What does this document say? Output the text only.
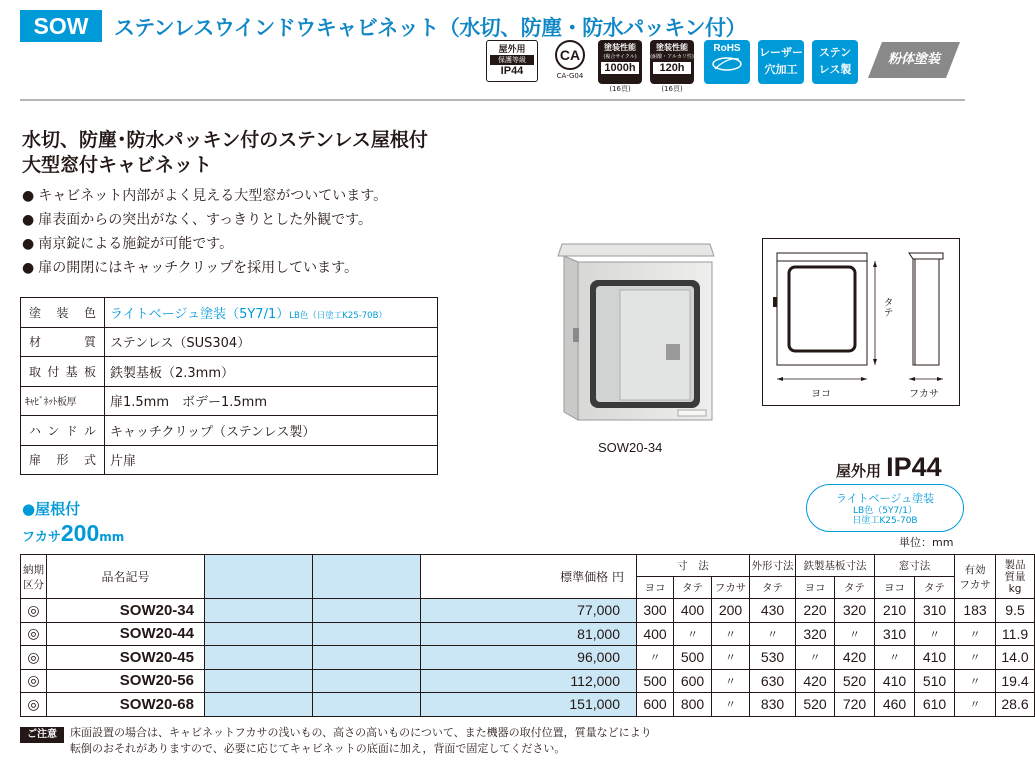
SOW	ステンレスウインドウキャビネット（水切、防塵・防水パッキン付）
屋外用
保護等級
IP44
CA
CA-G04
塗装性能
(複合サイクル)
1000h
(16頁)
塗装性能
(耐酸・アルカリ性)
120h
(16頁)
RoHS	レーザー
穴加工
ステン
レス製
粉体塗装
水切、防塵･防水パッキン付のステンレス屋根付
大型窓付キャビネット
● キャビネット内部がよく見える大型窓がついています。
● 扉表面からの突出がなく、すっきりとした外観です。
● 南京錠による施錠が可能です。
● 扉の開閉にはキャッチクリップを採用しています。
塗装色	ライトベージュ塗装（5Y7/1）LB色（日塗工K25-70B）
材質	ステンレス（SUS304）
取付基板	鉄製基板（2.3mm）
ｷｬﾋﾞﾈｯﾄ板厚	扉1.5mm　ボデー1.5mm
ハンドル	キャッチクリップ（ステンレス製）
扉形式	片扉
SOW20-34
タテ
ヨコ	フカサ
屋外用 IP44
ライトベージュ塗装
LB色（5Y7/1）
日塗工K25-70B
●屋根付
フカサ200mm	単位：mm
納期
区分	品名記号			標準価格 円	寸　法			外形寸法	鉄製基板寸法		窓寸法		有効
フカサ	製品
質量
kg
					ヨコ	タテ	フカサ	タテ	ヨコ	タテ	ヨコ	タテ		
◎	SOW20-34			77,000	300	400	200	430	220	320	210	310	183	9.5
◎	SOW20-44			81,000	400	〃	〃	〃	320	〃	310	〃	〃	11.9
◎	SOW20-45			96,000	〃	500	〃	530	〃	420	〃	410	〃	14.0
◎	SOW20-56			112,000	500	600	〃	630	420	520	410	510	〃	19.4
◎	SOW20-68			151,000	600	800	〃	830	520	720	460	610	〃	28.6
ご注意	床面設置の場合は、キャビネットフカサの浅いもの、高さの高いものについて、また機器の取付位置，質量などにより
転倒のおそれがありますので、必要に応じてキャビネットの底面に加え，背面で固定してください。
